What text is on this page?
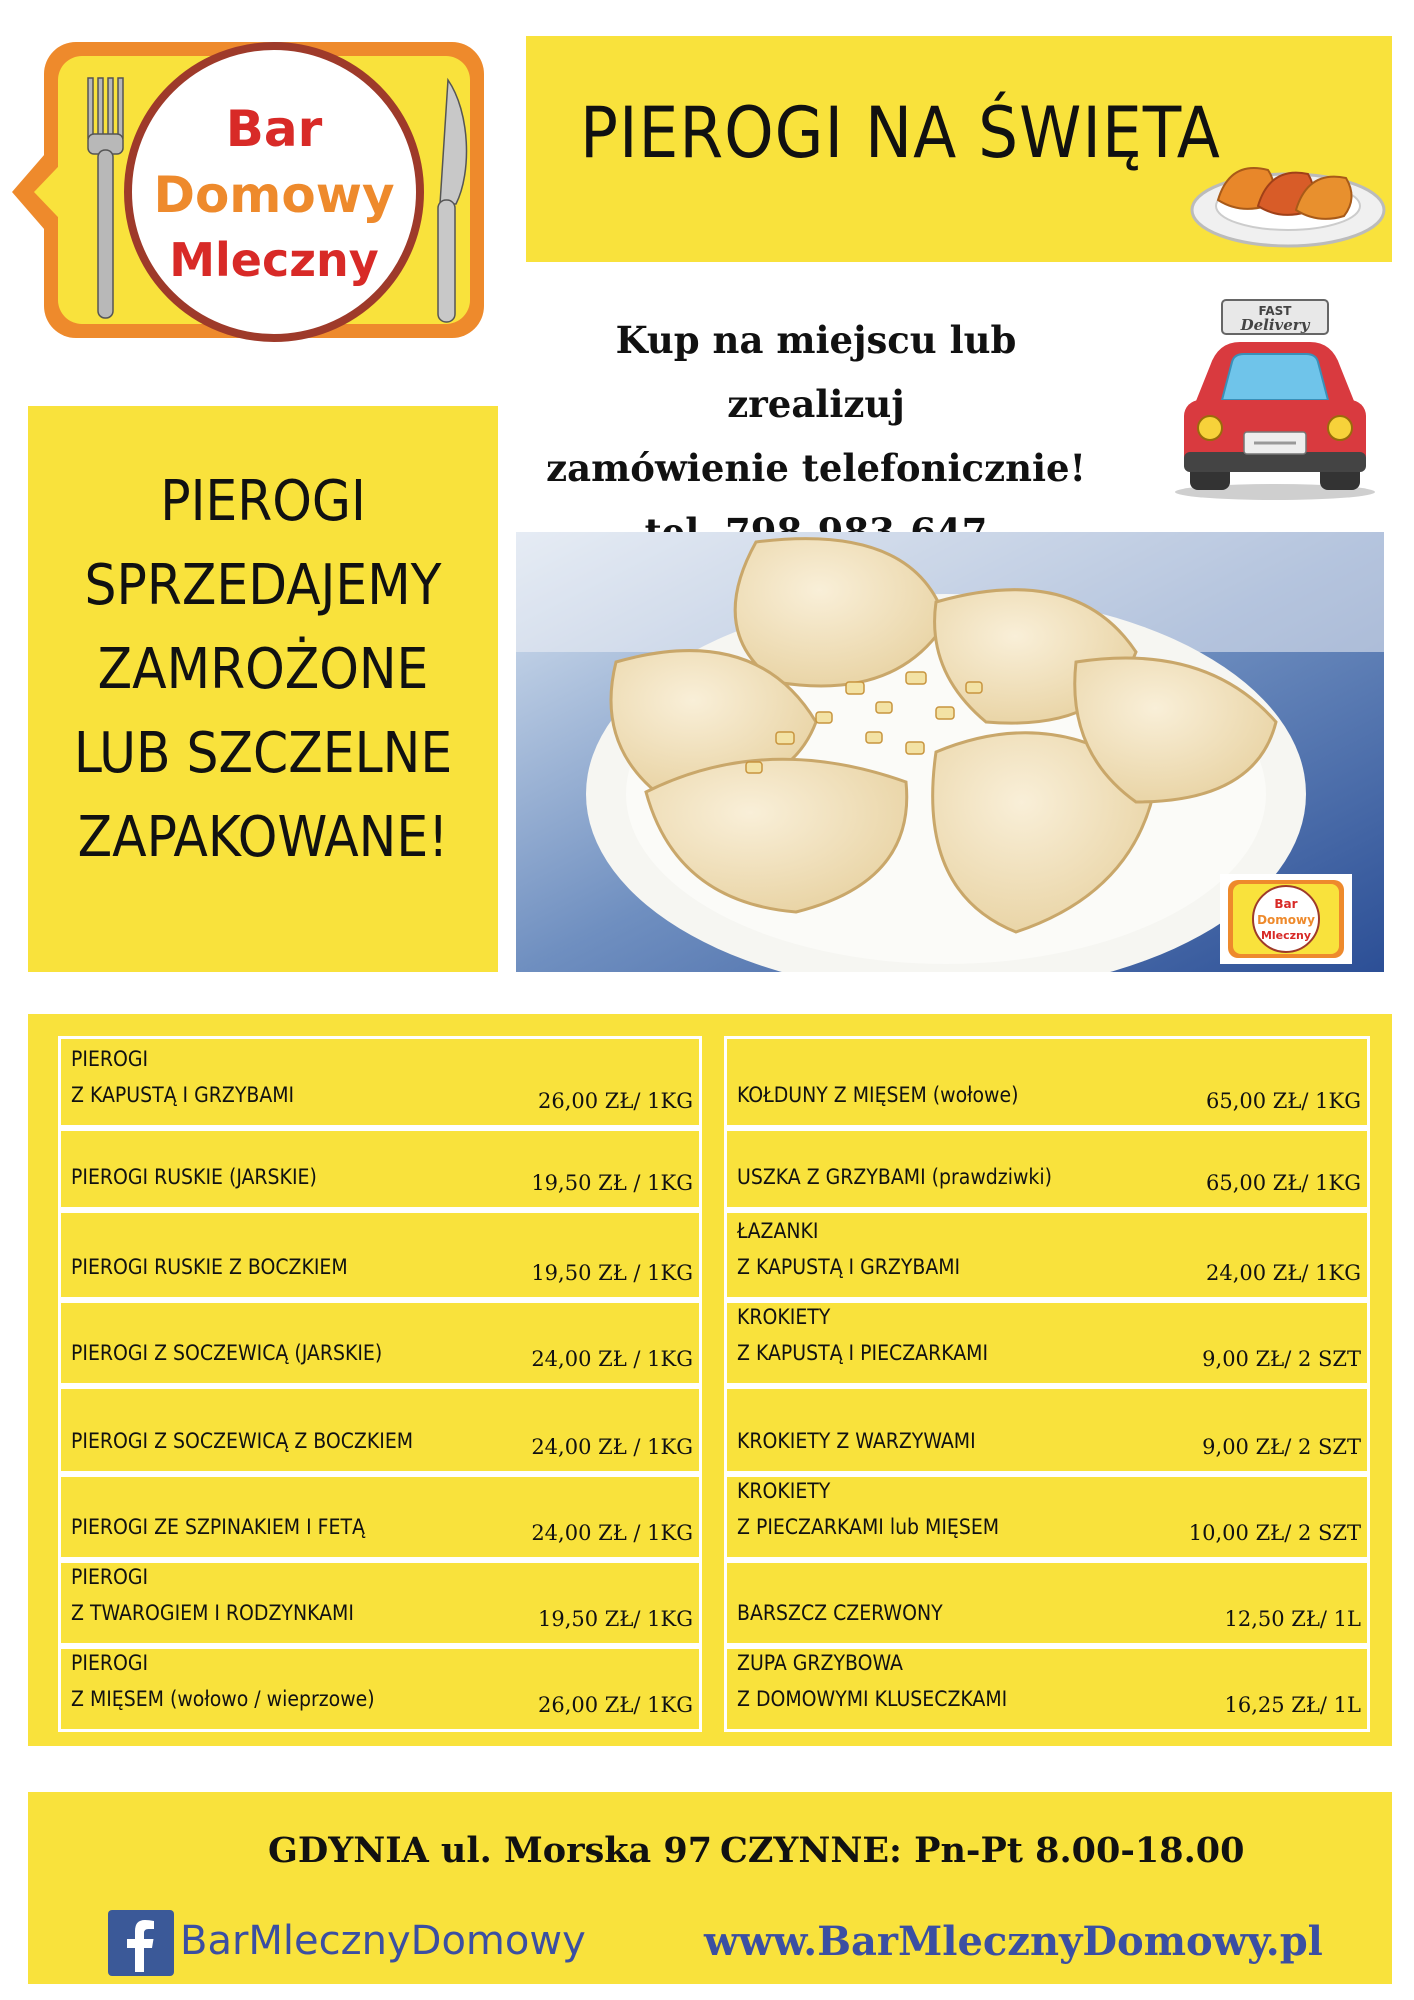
Bar
Domowy
Mleczny
PIEROGI NA ŚWIĘTA
Kup na miejscu lub zrealizuj
zamówienie telefonicznie!
FAST
Delivery
PIEROGI
SPRZEDAJEMY
ZAMROŻONE
LUB SZCZELNE
ZAPAKOWANE!
Bar
Domowy
Mleczny
PIEROGI
Z KAPUSTĄ I GRZYBAMI	26,00 ZŁ/ 1KG
PIEROGI RUSKIE (JARSKIE)	19,50 ZŁ / 1KG
PIEROGI RUSKIE Z BOCZKIEM	19,50 ZŁ / 1KG
PIEROGI Z SOCZEWICĄ (JARSKIE)	24,00 ZŁ / 1KG
PIEROGI Z SOCZEWICĄ Z BOCZKIEM	24,00 ZŁ / 1KG
PIEROGI ZE SZPINAKIEM I FETĄ	24,00 ZŁ / 1KG
PIEROGI
Z TWAROGIEM I RODZYNKAMI	19,50 ZŁ/ 1KG
PIEROGI
Z MIĘSEM (wołowo / wieprzowe)	26,00 ZŁ/ 1KG
KOŁDUNY Z MIĘSEM (wołowe)	65,00 ZŁ/ 1KG
USZKA Z GRZYBAMI (prawdziwki)	65,00 ZŁ/ 1KG
ŁAZANKI
Z KAPUSTĄ I GRZYBAMI	24,00 ZŁ/ 1KG
KROKIETY
Z KAPUSTĄ I PIECZARKAMI	9,00 ZŁ/ 2 SZT
KROKIETY Z WARZYWAMI	9,00 ZŁ/ 2 SZT
KROKIETY
Z PIECZARKAMI lub MIĘSEM	10,00 ZŁ/ 2 SZT
BARSZCZ CZERWONY	12,50 ZŁ/ 1L
ZUPA GRZYBOWA
Z DOMOWYMI KLUSECZKAMI	16,25 ZŁ/ 1L
GDYNIA ul. Morska 97 CZYNNE: Pn-Pt 8.00-18.00
BarMlecznyDomowy	www.BarMlecznyDomowy.pl
